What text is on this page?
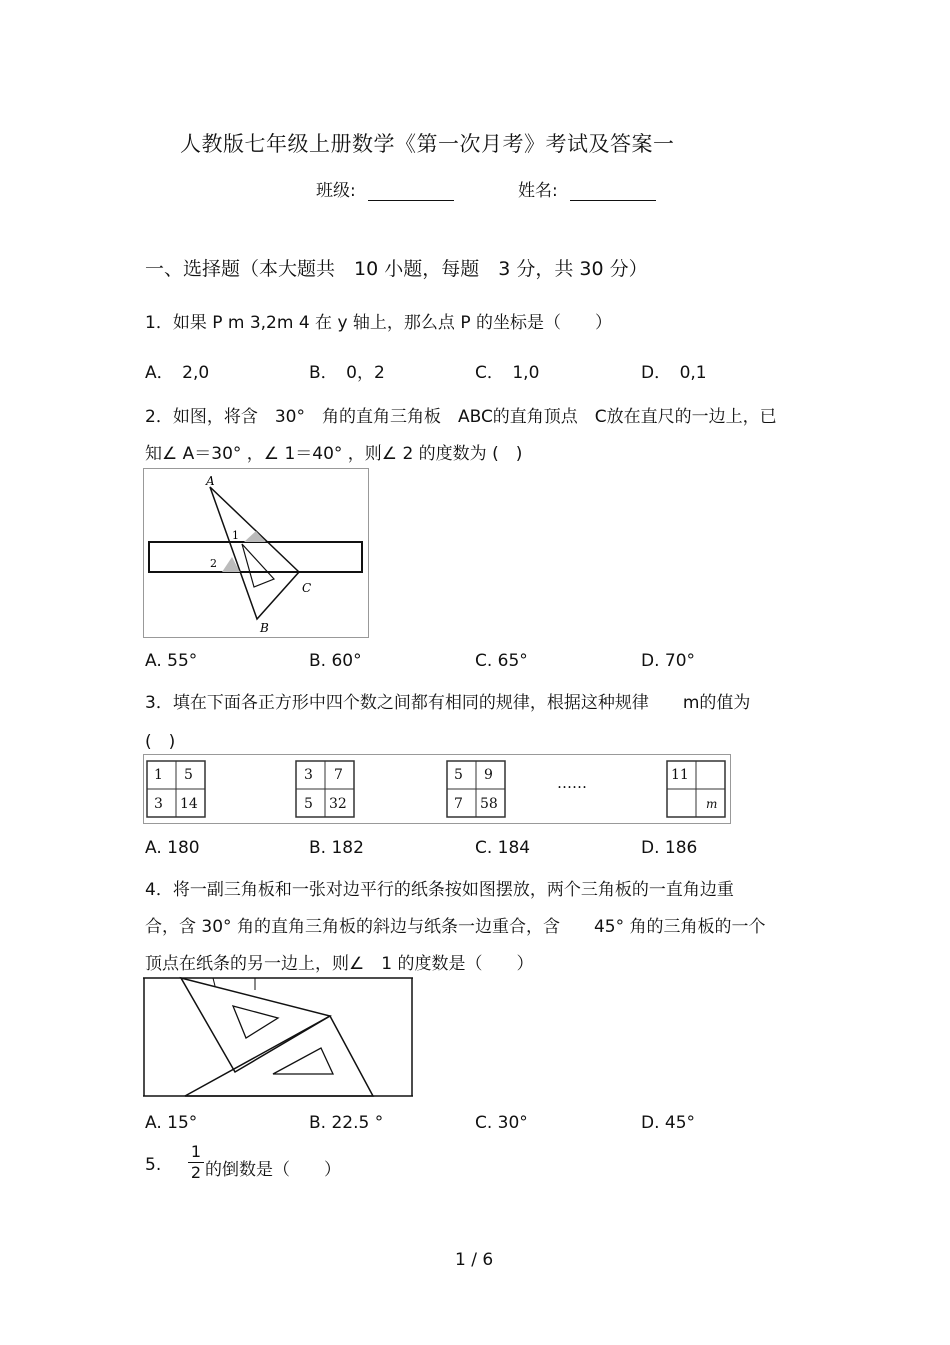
人教版七年级上册数学《第一次月考》考试及答案一
班级:	姓名:
一、选择题（本大题共　10 小题，每题　3 分，共 30 分）
1．如果 P m 3,2m 4 在 y 轴上，那么点 P 的坐标是（　　）
A．　2,0	B．　0，2	C．　1,0	D．　0,1
2．如图，将含　30°　角的直角三角板　ABC的直角顶点　C放在直尺的一边上，已
知∠ A＝30° ，∠ 1＝40° ，则∠ 2 的度数为 (　)
A
B
C
1
2
A. 55°	B. 60°	C. 65°	D. 70°
3．填在下面各正方形中四个数之间都有相同的规律，根据这种规律　　m的值为
(　)
1 5
3 14
3 7
5 32
5 9
7 58
……	11
m
A. 180	B. 182	C. 184	D. 186
4．将一副三角板和一张对边平行的纸条按如图摆放，两个三角板的一直角边重
合，含 30° 角的直角三角板的斜边与纸条一边重合，含　　45° 角的三角板的一个
顶点在纸条的另一边上，则∠　1 的度数是（　　）
A. 15°	B. 22.5 °	C. 30°	D. 45°
5. $\frac{1}{2}$ 的倒数是（　　）
1 / 6
